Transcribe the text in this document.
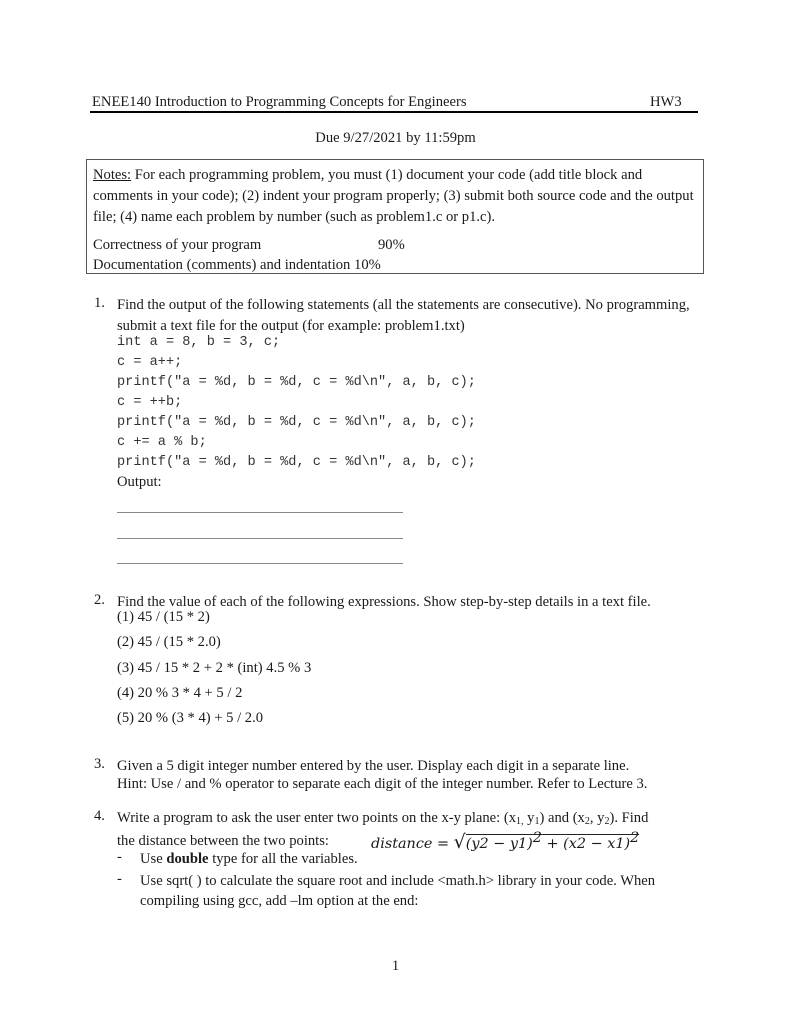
ENEE140 Introduction to Programming Concepts for Engineers	HW3
Due 9/27/2021 by 11:59pm
Notes: For each programming problem, you must (1) document your code (add title block and comments in your code); (2) indent your program properly; (3) submit both source code and the output file; (4) name each problem by number (such as problem1.c or p1.c).
Correctness of your program	90%
Documentation (comments) and indentation 10%
1. Find the output of the following statements (all the statements are consecutive). No programming, submit a text file for the output (for example: problem1.txt)
int a = 8, b = 3, c;
c = a++;
printf("a = %d, b = %d, c = %d\n", a, b, c);
c = ++b;
printf("a = %d, b = %d, c = %d\n", a, b, c);
c += a % b;
printf("a = %d, b = %d, c = %d\n", a, b, c);
Output:
2. Find the value of each of the following expressions. Show step-by-step details in a text file.
(1) 45 / (15 * 2)
(2) 45 / (15 * 2.0)
(3) 45 / 15 * 2 + 2 * (int) 4.5 % 3
(4) 20 % 3 * 4 + 5 / 2
(5) 20 % (3 * 4) + 5 / 2.0
3. Given a 5 digit integer number entered by the user. Display each digit in a separate line.
Hint: Use / and % operator to separate each digit of the integer number. Refer to Lecture 3.
4. Write a program to ask the user enter two points on the x-y plane: ($x_{1,}$ $y_1$) and ($x_2$, $y_2$). Find
the distance between the two points:	distance = $√(y2 - y1)^2 + (x2 - x1)^2$
- Use double type for all the variables.
- Use sqrt( ) to calculate the square root and include <math.h> library in your code. When
compiling using gcc, add –lm option at the end:
1
